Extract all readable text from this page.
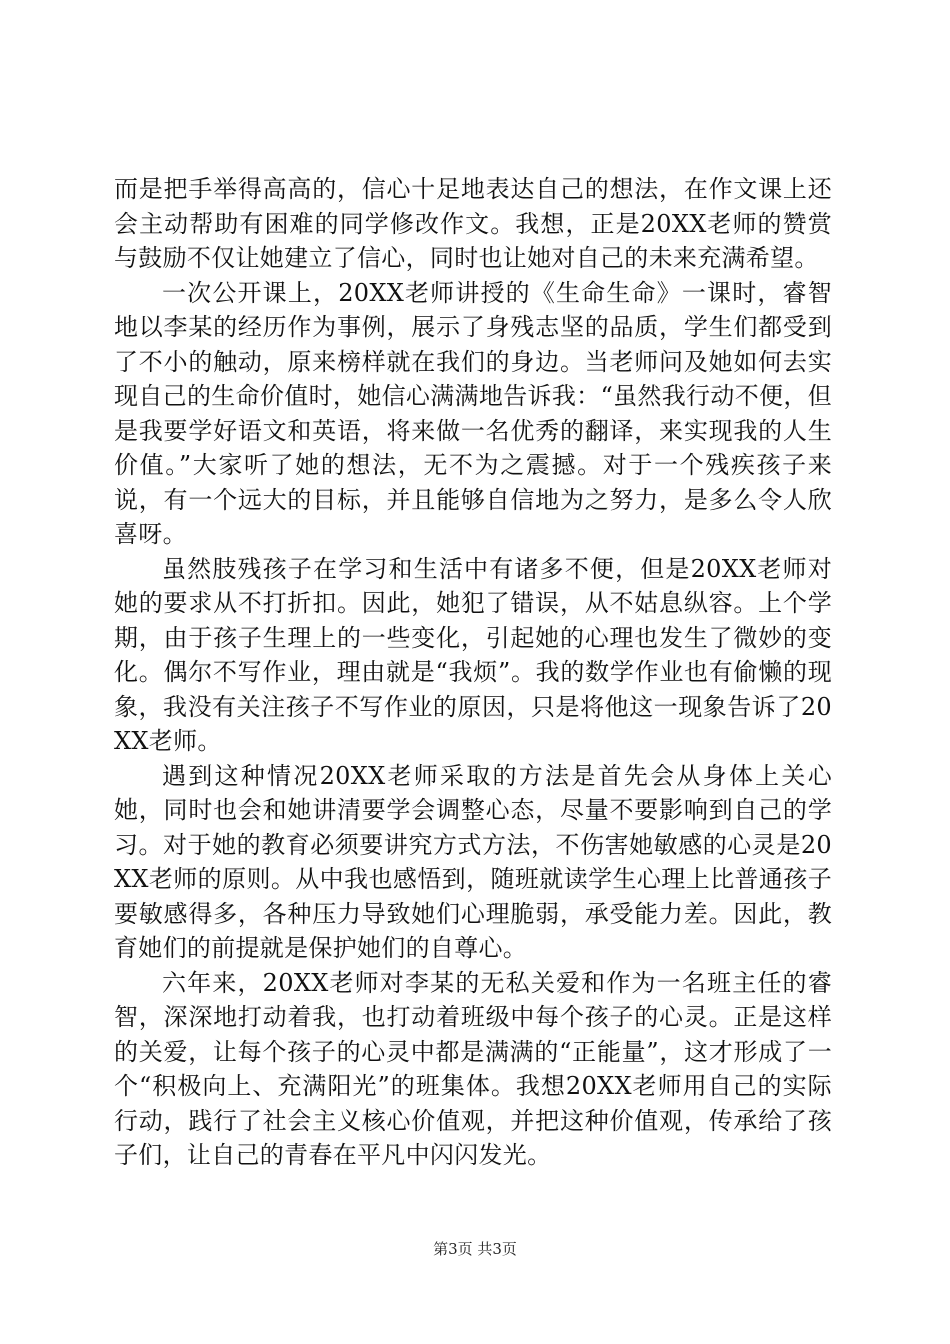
而是把手举得高高的，信心十足地表达自己的想法，在作文课上还会主动帮助有困难的同学修改作文。我想，正是20XX老师的赞赏与鼓励不仅让她建立了信心，同时也让她对自己的未来充满希望。

一次公开课上，20XX老师讲授的《生命生命》一课时，睿智地以李某的经历作为事例，展示了身残志坚的品质，学生们都受到了不小的触动，原来榜样就在我们的身边。当老师问及她如何去实现自己的生命价值时，她信心满满地告诉我：“虽然我行动不便，但是我要学好语文和英语，将来做一名优秀的翻译，来实现我的人生价值。”大家听了她的想法，无不为之震撼。对于一个残疾孩子来说，有一个远大的目标，并且能够自信地为之努力，是多么令人欣喜呀。

虽然肢残孩子在学习和生活中有诸多不便，但是20XX老师对她的要求从不打折扣。因此，她犯了错误，从不姑息纵容。上个学期，由于孩子生理上的一些变化，引起她的心理也发生了微妙的变化。偶尔不写作业，理由就是“我烦”。我的数学作业也有偷懒的现象，我没有关注孩子不写作业的原因，只是将他这一现象告诉了20XX老师。

遇到这种情况20XX老师采取的方法是首先会从身体上关心她，同时也会和她讲清要学会调整心态，尽量不要影响到自己的学习。对于她的教育必须要讲究方式方法，不伤害她敏感的心灵是20XX老师的原则。从中我也感悟到，随班就读学生心理上比普通孩子要敏感得多，各种压力导致她们心理脆弱，承受能力差。因此，教育她们的前提就是保护她们的自尊心。

六年来，20XX老师对李某的无私关爱和作为一名班主任的睿智，深深地打动着我，也打动着班级中每个孩子的心灵。正是这样的关爱，让每个孩子的心灵中都是满满的“正能量”，这才形成了一个“积极向上、充满阳光”的班集体。我想20XX老师用自己的实际行动，践行了社会主义核心价值观，并把这种价值观，传承给了孩子们，让自己的青春在平凡中闪闪发光。

第3页 共3页
